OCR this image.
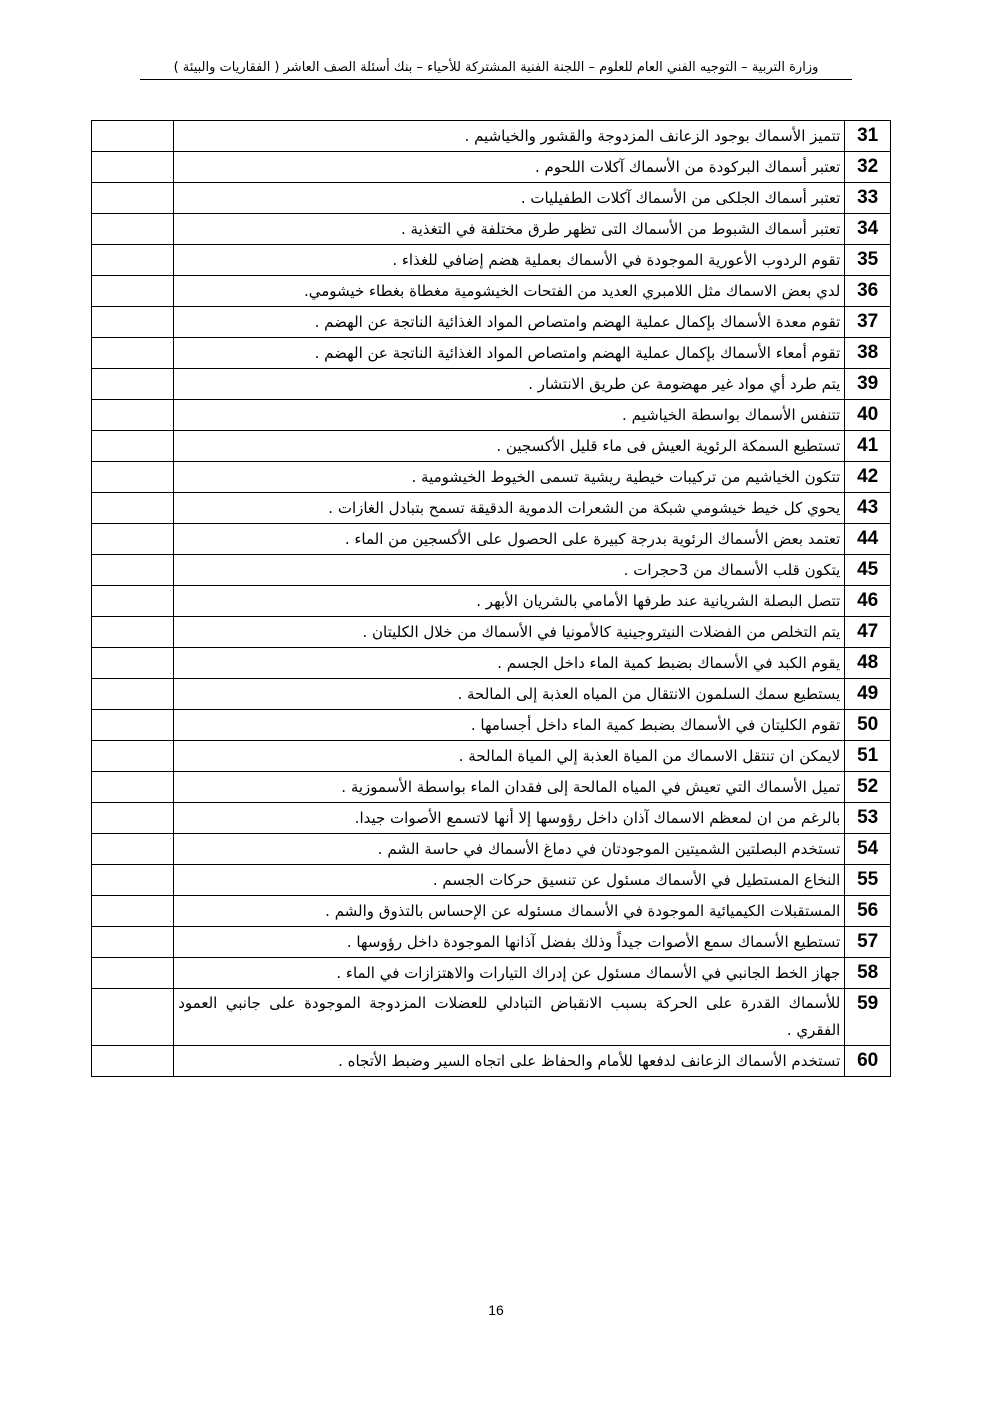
وزارة التربية – التوجيه الفني العام للعلوم – اللجنة الفنية المشتركة للأحياء – بنك أسئلة الصف العاشر ( الفقاريات والبيئة )
31	تتميز الأسماك بوجود الزعانف المزدوجة والقشور والخياشيم .	
32	تعتبر أسماك البركودة من الأسماك آكلات اللحوم .	
33	تعتبر أسماك الجلكى من الأسماك آكلات الطفيليات .	
34	تعتبر أسماك الشبوط من الأسماك التى تظهر طرق مختلفة في التغذية .	
35	تقوم الردوب الأعورية الموجودة في الأسماك بعملية هضم إضافي للغذاء .	
36	لدي بعض الاسماك مثل اللامبري العديد من الفتحات الخيشومية مغطاة بغطاء خيشومي.	
37	تقوم معدة الأسماك بإكمال عملية الهضم وامتصاص المواد الغذائية الناتجة عن الهضم .	
38	تقوم أمعاء الأسماك بإكمال عملية الهضم وامتصاص المواد الغذائية الناتجة عن الهضم .	
39	يتم طرد أي مواد غير مهضومة عن طريق الانتشار .	
40	تتنفس الأسماك بواسطة الخياشيم .	
41	تستطيع السمكة الرئوية العيش فى ماء قليل الأكسجين .	
42	تتكون الخياشيم من تركيبات خيطية ريشية تسمى الخيوط الخيشومية .	
43	يحوي كل خيط خيشومي شبكة من الشعرات الدموية الدقيقة تسمح بتبادل الغازات .	
44	تعتمد بعض الأسماك الرئوية بدرجة كبيرة على الحصول على الأكسجين من الماء .	
45	يتكون قلب الأسماك من 3حجرات .	
46	تتصل البصلة الشريانية عند طرفها الأمامي بالشريان الأبهر .	
47	يتم التخلص من الفضلات النيتروجينية كالأمونيا في الأسماك من خلال الكليتان .	
48	يقوم الكبد في الأسماك بضبط كمية الماء داخل الجسم .	
49	يستطيع سمك السلمون الانتقال من المياه العذبة إلى المالحة .	
50	تقوم الكليتان في الأسماك بضبط كمية الماء داخل أجسامها .	
51	لايمكن ان تنتقل الاسماك من المياة العذبة إلي المياة المالحة .	
52	تميل الأسماك التي تعيش في المياه المالحة إلى فقدان الماء بواسطة الأسموزية .	
53	بالرغم من ان لمعظم الاسماك آذان داخل رؤوسها إلا أنها لاتسمع الأصوات جيدا.	
54	تستخدم البصلتين الشميتين الموجودتان في دماغ الأسماك في حاسة الشم .	
55	النخاع المستطيل في الأسماك مسئول عن تنسيق حركات الجسم .	
56	المستقبلات الكيميائية الموجودة في الأسماك مسئوله عن الإحساس بالتذوق والشم .	
57	تستطيع الأسماك سمع الأصوات جيداً وذلك بفضل آذانها الموجودة داخل رؤوسها .	
58	جهاز الخط الجانبي في الأسماك مسئول عن إدراك التيارات والاهتزازات في الماء .	
59	للأسماك القدرة على الحركة بسبب الانقباض التبادلي للعضلات المزدوجة الموجودة على جانبي العمود الفقري .	
60	تستخدم الأسماك الزعانف لدفعها للأمام والحفاظ على اتجاه السير وضبط الأتجاه .	
16
